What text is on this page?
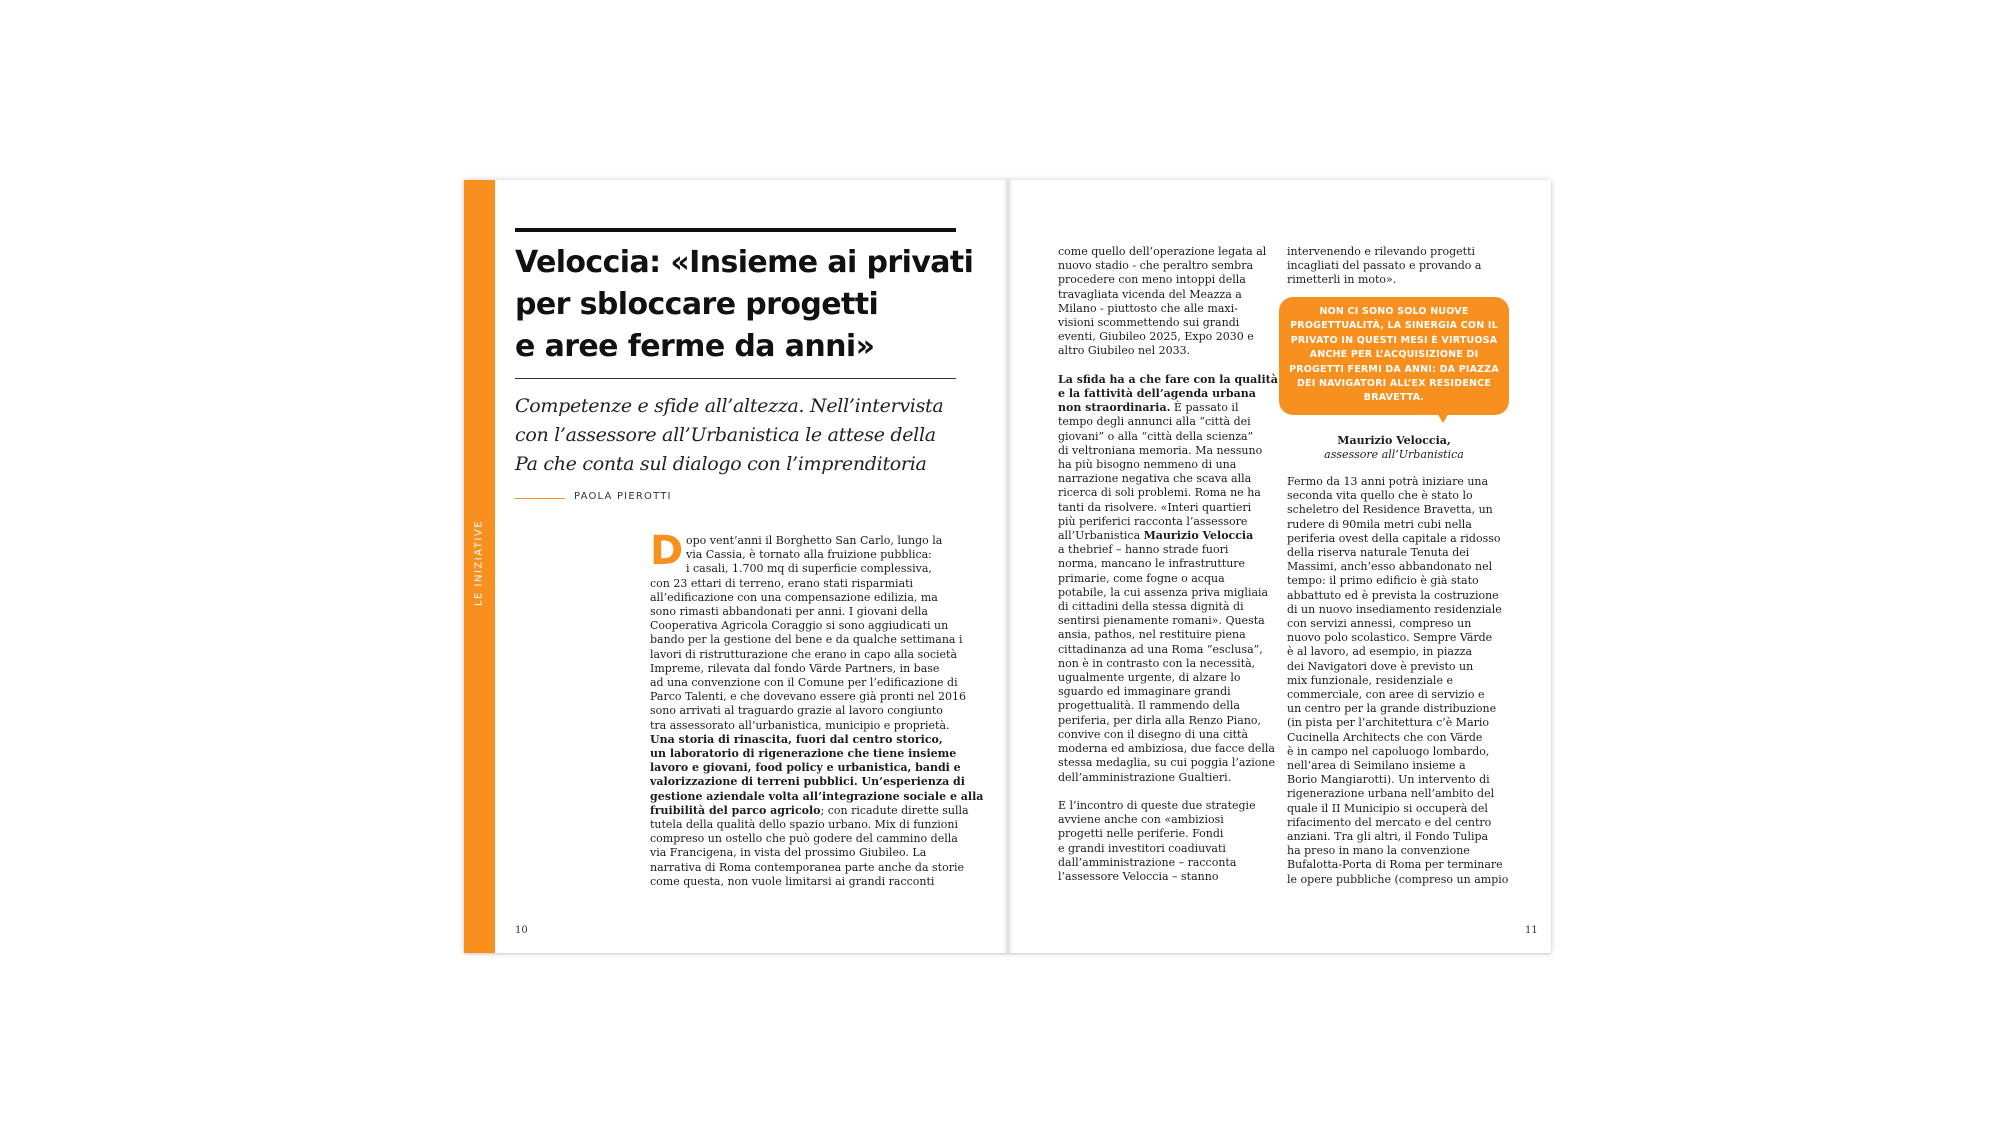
LE INIZIATIVE
Veloccia: «Insieme ai privati
per sbloccare progetti
e aree ferme da anni»
Competenze e sfide all’altezza. Nell’intervista
con l’assessore all’Urbanistica le attese della
Pa che conta sul dialogo con l’imprenditoria
PAOLA PIEROTTI
D opo vent’anni il Borghetto San Carlo, lungo la
via Cassia, è tornato alla fruizione pubblica:
i casali, 1.700 mq di superficie complessiva,
con 23 ettari di terreno, erano stati risparmiati
all’edificazione con una compensazione edilizia, ma
sono rimasti abbandonati per anni. I giovani della
Cooperativa Agricola Coraggio si sono aggiudicati un
bando per la gestione del bene e da qualche settimana i
lavori di ristrutturazione che erano in capo alla società
Impreme, rilevata dal fondo Värde Partners, in base
ad una convenzione con il Comune per l’edificazione di
Parco Talenti, e che dovevano essere già pronti nel 2016
sono arrivati al traguardo grazie al lavoro congiunto
tra assessorato all’urbanistica, municipio e proprietà.
Una storia di rinascita, fuori dal centro storico,
un laboratorio di rigenerazione che tiene insieme
lavoro e giovani, food policy e urbanistica, bandi e
valorizzazione di terreni pubblici. Un’esperienza di
gestione aziendale volta all’integrazione sociale e alla
fruibilità del parco agricolo; con ricadute dirette sulla
tutela della qualità dello spazio urbano. Mix di funzioni
compreso un ostello che può godere del cammino della
via Francigena, in vista del prossimo Giubileo. La
narrativa di Roma contemporanea parte anche da storie
come questa, non vuole limitarsi ai grandi racconti
10	11
come quello dell’operazione legata al
nuovo stadio - che peraltro sembra
procedere con meno intoppi della
travagliata vicenda del Meazza a
Milano - piuttosto che alle maxi-
visioni scommettendo sui grandi
eventi, Giubileo 2025, Expo 2030 e
altro Giubileo nel 2033.
La sfida ha a che fare con la qualità
e la fattività dell’agenda urbana
non straordinaria. È passato il
tempo degli annunci alla “città dei
giovani” o alla “città della scienza”
di veltroniana memoria. Ma nessuno
ha più bisogno nemmeno di una
narrazione negativa che scava alla
ricerca di soli problemi. Roma ne ha
tanti da risolvere. «Interi quartieri
più periferici racconta l’assessore
all’Urbanistica Maurizio Veloccia
a thebrief – hanno strade fuori
norma, mancano le infrastrutture
primarie, come fogne o acqua
potabile, la cui assenza priva migliaia
di cittadini della stessa dignità di
sentirsi pienamente romani». Questa
ansia, pathos, nel restituire piena
cittadinanza ad una Roma “esclusa”,
non è in contrasto con la necessità,
ugualmente urgente, di alzare lo
sguardo ed immaginare grandi
progettualità. Il rammendo della
periferia, per dirla alla Renzo Piano,
convive con il disegno di una città
moderna ed ambiziosa, due facce della
stessa medaglia, su cui poggia l’azione
dell’amministrazione Gualtieri.
E l’incontro di queste due strategie
avviene anche con «ambiziosi
progetti nelle periferie. Fondi
e grandi investitori coadiuvati
dall’amministrazione – racconta
l’assessore Veloccia – stanno
intervenendo e rilevando progetti
incagliati del passato e provando a
rimetterli in moto».
NON CI SONO SOLO NUOVE
PROGETTUALITÀ, LA SINERGIA CON IL
PRIVATO IN QUESTI MESI È VIRTUOSA
ANCHE PER L’ACQUISIZIONE DI
PROGETTI FERMI DA ANNI: DA PIAZZA
DEI NAVIGATORI ALL’EX RESIDENCE
BRAVETTA.
Maurizio Veloccia,
assessore all’Urbanistica
Fermo da 13 anni potrà iniziare una
seconda vita quello che è stato lo
scheletro del Residence Bravetta, un
rudere di 90mila metri cubi nella
periferia ovest della capitale a ridosso
della riserva naturale Tenuta dei
Massimi, anch’esso abbandonato nel
tempo: il primo edificio è già stato
abbattuto ed è prevista la costruzione
di un nuovo insediamento residenziale
con servizi annessi, compreso un
nuovo polo scolastico. Sempre Värde
è al lavoro, ad esempio, in piazza
dei Navigatori dove è previsto un
mix funzionale, residenziale e
commerciale, con aree di servizio e
un centro per la grande distribuzione
(in pista per l’architettura c’è Mario
Cucinella Architects che con Värde
è in campo nel capoluogo lombardo,
nell’area di Seimilano insieme a
Borio Mangiarotti). Un intervento di
rigenerazione urbana nell’ambito del
quale il II Municipio si occuperà del
rifacimento del mercato e del centro
anziani. Tra gli altri, il Fondo Tulipa
ha preso in mano la convenzione
Bufalotta-Porta di Roma per terminare
le opere pubbliche (compreso un ampio
